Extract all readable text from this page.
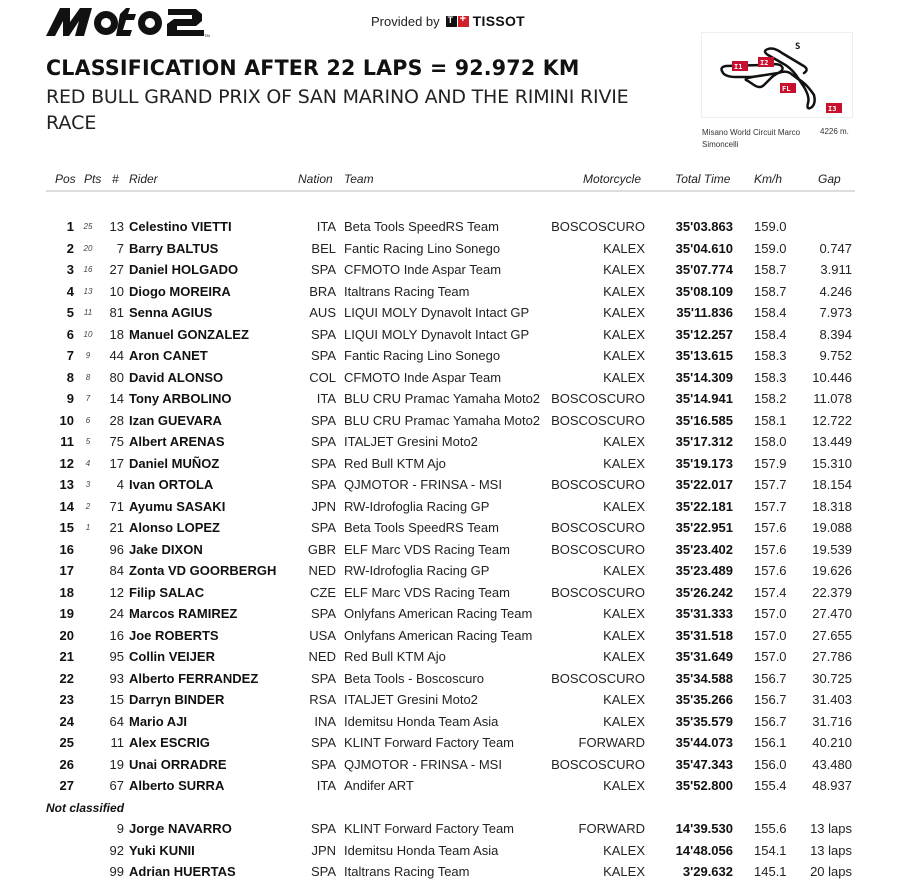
TM
Provided by T + TISSOT
CLASSIFICATION AFTER 22 LAPS = 92.972 KM
RED BULL GRAND PRIX OF SAN MARINO AND THE RIMINI RIVIE
RACE
I1	I2
S
FL
I3
Misano World Circuit Marco Simoncelli
4226 m.
Pos Pts # Rider	Nation Team	Motorcycle	Total Time Km/h	Gap
1 25	13 Celestino VIETTI	ITA Beta Tools SpeedRS Team	BOSCOSCURO	35'03.863 159.0
2 20	7 Barry BALTUS	BEL Fantic Racing Lino Sonego	KALEX	35'04.610 159.0	0.747
3 16	27 Daniel HOLGADO	SPA CFMOTO Inde Aspar Team	KALEX	35'07.774 158.7	3.911
4 13	10 Diogo MOREIRA	BRA Italtrans Racing Team	KALEX	35'08.109 158.7	4.246
5 11	81 Senna AGIUS	AUS LIQUI MOLY Dynavolt Intact GP	KALEX	35'11.836 158.4	7.973
6 10	18 Manuel GONZALEZ	SPA LIQUI MOLY Dynavolt Intact GP	KALEX	35'12.257 158.4	8.394
7	9	44 Aron CANET	SPA Fantic Racing Lino Sonego	KALEX	35'13.615 158.3	9.752
8	8	80 David ALONSO	COL CFMOTO Inde Aspar Team	KALEX	35'14.309 158.3	10.446
9	7	14 Tony ARBOLINO	ITA BLU CRU Pramac Yamaha Moto2 BOSCOSCURO	35'14.941 158.2	11.078
10	6	28 Izan GUEVARA	SPA BLU CRU Pramac Yamaha Moto2 BOSCOSCURO	35'16.585 158.1	12.722
11	5	75 Albert ARENAS	SPA ITALJET Gresini Moto2	KALEX	35'17.312 158.0	13.449
12	4	17 Daniel MUÑOZ	SPA Red Bull KTM Ajo	KALEX	35'19.173 157.9	15.310
13	3	4 Ivan ORTOLA	SPA QJMOTOR - FRINSA - MSI	BOSCOSCURO	35'22.017 157.7	18.154
14	2	71 Ayumu SASAKI	JPN RW-Idrofoglia Racing GP	KALEX	35'22.181 157.7	18.318
15	1	21 Alonso LOPEZ	SPA Beta Tools SpeedRS Team	BOSCOSCURO	35'22.951 157.6	19.088
16	96 Jake DIXON	GBR ELF Marc VDS Racing Team	BOSCOSCURO	35'23.402 157.6	19.539
17	84 Zonta VD GOORBERGH	NED RW-Idrofoglia Racing GP	KALEX	35'23.489 157.6	19.626
18	12 Filip SALAC	CZE ELF Marc VDS Racing Team	BOSCOSCURO	35'26.242 157.4	22.379
19	24 Marcos RAMIREZ	SPA Onlyfans American Racing Team	KALEX	35'31.333 157.0	27.470
20	16 Joe ROBERTS	USA Onlyfans American Racing Team	KALEX	35'31.518 157.0	27.655
21	95 Collin VEIJER	NED Red Bull KTM Ajo	KALEX	35'31.649 157.0	27.786
22	93 Alberto FERRANDEZ	SPA Beta Tools - Boscoscuro	BOSCOSCURO	35'34.588 156.7	30.725
23	15 Darryn BINDER	RSA ITALJET Gresini Moto2	KALEX	35'35.266 156.7	31.403
24	64 Mario AJI	INA Idemitsu Honda Team Asia	KALEX	35'35.579 156.7	31.716
25	11 Alex ESCRIG	SPA KLINT Forward Factory Team	FORWARD	35'44.073 156.1	40.210
26	19 Unai ORRADRE	SPA QJMOTOR - FRINSA - MSI	BOSCOSCURO	35'47.343 156.0	43.480
27	67 Alberto SURRA	ITA Andifer ART	KALEX	35'52.800 155.4	48.937
Not classified
9 Jorge NAVARRO	SPA KLINT Forward Factory Team	FORWARD	14'39.530 155.6	13 laps
92 Yuki KUNII	JPN Idemitsu Honda Team Asia	KALEX	14'48.056 154.1	13 laps
99 Adrian HUERTAS	SPA Italtrans Racing Team	KALEX	3'29.632 145.1	20 laps
